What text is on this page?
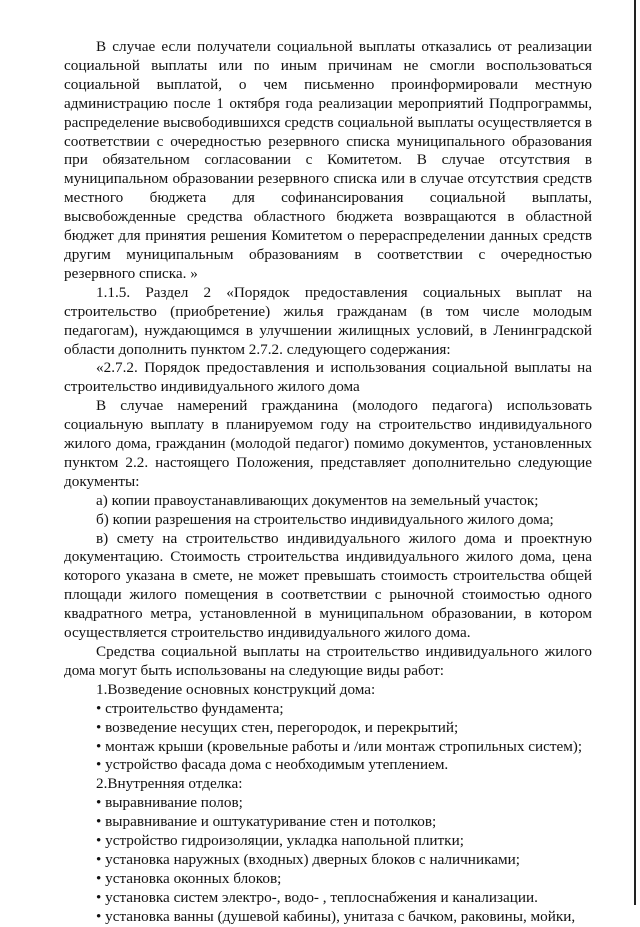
В случае если получатели социальной выплаты отказались от реализации социальной выплаты или по иным причинам не смогли воспользоваться социальной выплатой, о чем письменно проинформировали местную администрацию после 1 октября года реализации мероприятий Подпрограммы, распределение высвободившихся средств социальной выплаты осуществляется в соответствии с очередностью резервного списка муниципального образования при обязательном согласовании с Комитетом. В случае отсутствия в муниципальном образовании резервного списка или в случае отсутствия средств местного бюджета для софинансирования социальной выплаты, высвобожденные средства областного бюджета возвращаются в областной бюджет для принятия решения Комитетом о перераспределении данных средств другим муниципальным образованиям в соответствии с очередностью резервного списка. »

1.1.5. Раздел 2 «Порядок предоставления социальных выплат на строительство (приобретение) жилья гражданам (в том числе молодым педагогам), нуждающимся в улучшении жилищных условий, в Ленинградской области дополнить пунктом 2.7.2. следующего содержания:

«2.7.2. Порядок предоставления и использования социальной выплаты на строительство индивидуального жилого дома

В случае намерений гражданина (молодого педагога) использовать социальную выплату в планируемом году на строительство индивидуального жилого дома, гражданин (молодой педагог) помимо документов, установленных пунктом 2.2. настоящего Положения, представляет дополнительно следующие документы:

а) копии правоустанавливающих документов на земельный участок;

б) копии разрешения на строительство индивидуального жилого дома;

в) смету на строительство индивидуального жилого дома и проектную документацию. Стоимость строительства индивидуального жилого дома, цена которого указана в смете, не может превышать стоимость строительства общей площади жилого помещения в соответствии с рыночной стоимостью одного квадратного метра, установленной в муниципальном образовании, в котором осуществляется строительство индивидуального жилого дома.

Средства социальной выплаты на строительство индивидуального жилого дома могут быть использованы на следующие виды работ:

1.Возведение основных конструкций дома:

• строительство фундамента;

• возведение несущих стен, перегородок, и перекрытий;

• монтаж крыши (кровельные работы и /или монтаж стропильных систем);

• устройство фасада дома с необходимым утеплением.

2.Внутренняя отделка:

• выравнивание полов;

• выравнивание и оштукатуривание стен и потолков;

• устройство гидроизоляции, укладка напольной плитки;

• установка наружных (входных) дверных блоков с наличниками;

• установка оконных блоков;

• установка систем электро-, водо- , теплоснабжения и канализации.

• установка ванны (душевой кабины), унитаза с бачком, раковины, мойки,
